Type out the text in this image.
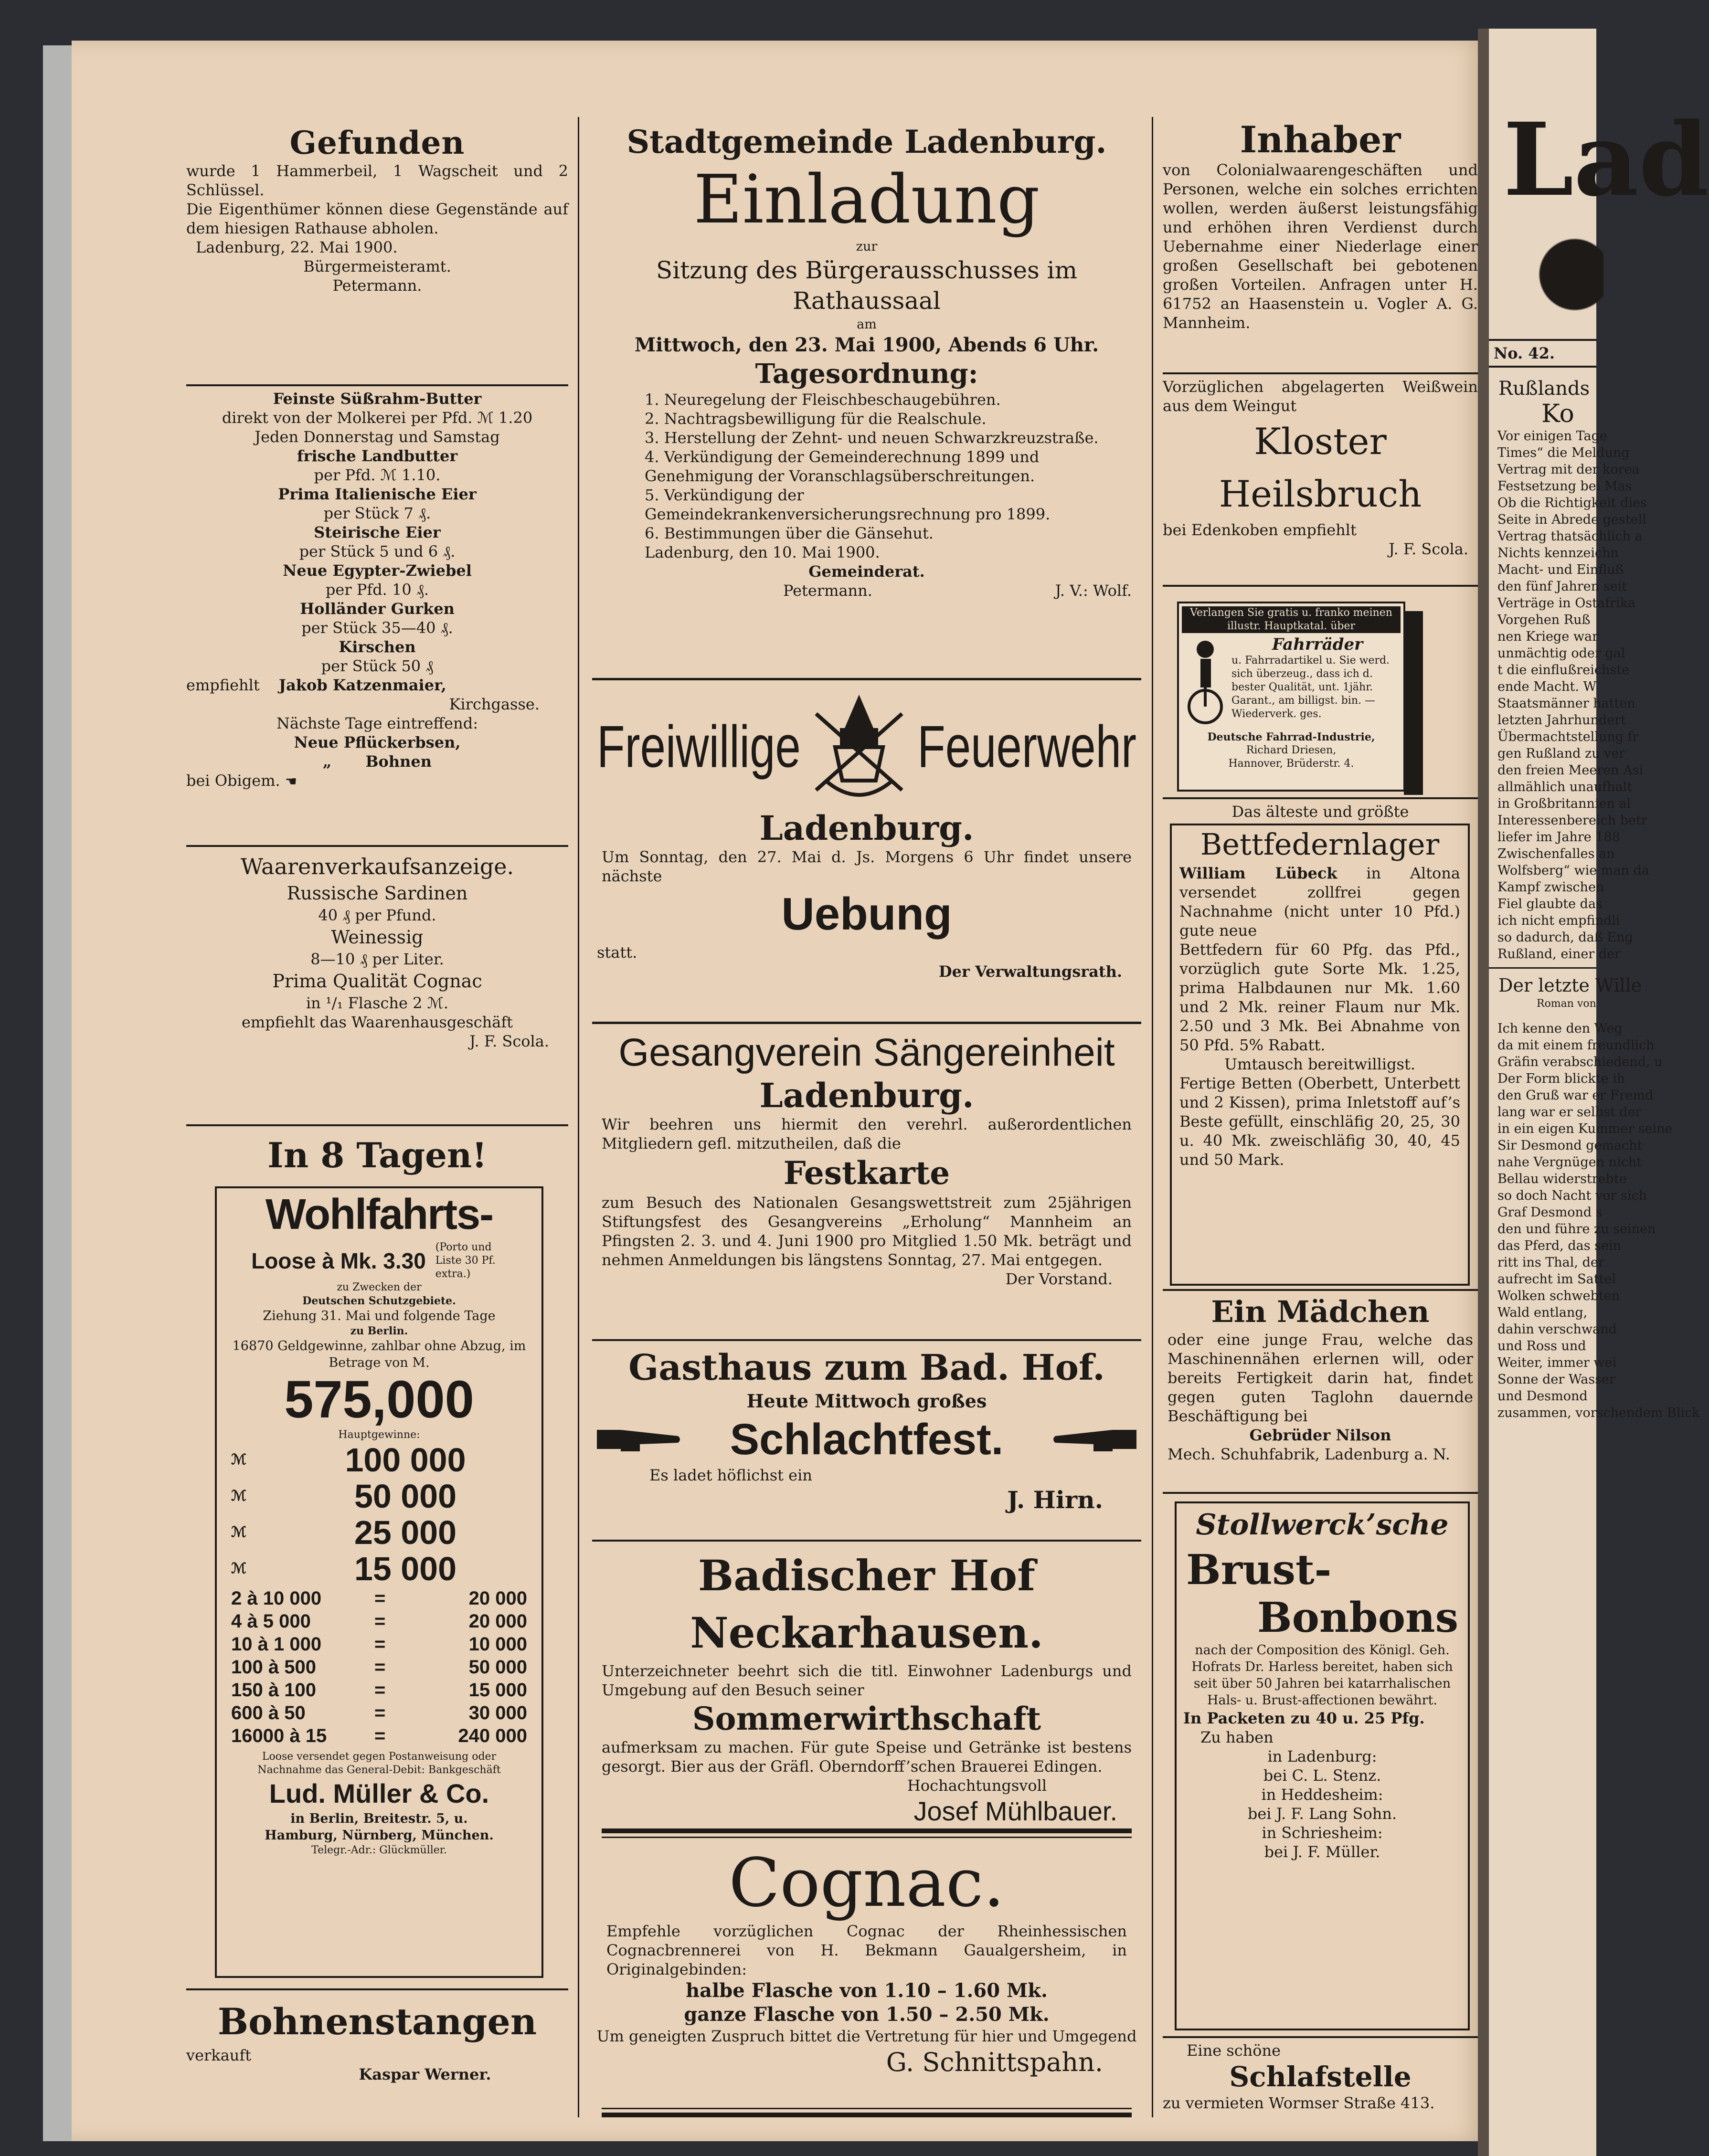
Gefunden
wurde 1 Hammerbeil, 1 Wagscheit und 2 Schlüssel.
Die Eigenthümer können diese Gegenstände auf dem hiesigen Rathause abholen.
Ladenburg, 22. Mai 1900.
Bürgermeisteramt.
Petermann.
Feinste Süßrahm-Butter
direkt von der Molkerei per Pfd. ℳ 1.20
Jeden Donnerstag und Samstag
frische Landbutter
per Pfd. ℳ 1.10.
Prima Italienische Eier
per Stück 7 ₰.
Steirische Eier
per Stück 5 und 6 ₰.
Neue Egypter-Zwiebel
per Pfd. 10 ₰.
Holländer Gurken
per Stück 35—40 ₰.
Kirschen
per Stück 50 ₰
empfiehlt Jakob Katzenmaier,
Kirchgasse.
Nächste Tage eintreffend:
Neue Pflückerbsen,
„ Bohnen
bei Obigem. ☚
Waarenverkaufsanzeige.
Russische Sardinen
40 ₰ per Pfund.
Weinessig
8—10 ₰ per Liter.
Prima Qualität Cognac
in ¹/₁ Flasche 2 ℳ.
empfiehlt das Waarenhausgeschäft
J. F. Scola.
In 8 Tagen!
Wohlfahrts-
Loose à Mk. 3.30
(Porto und Liste 30 Pf. extra.)
zu Zwecken der
Deutschen Schutzgebiete.
Ziehung 31. Mai und folgende Tage
zu Berlin.
16870 Geldgewinne, zahlbar ohne Abzug, im Betrage von M.
575,000
Hauptgewinne:
ℳ	100 000
ℳ	50 000
ℳ	25 000
ℳ	15 000
2 à 10 000	=	20 000
4 à 5 000	=	20 000
10 à 1 000	=	10 000
100 à 500	=	50 000
150 à 100	=	15 000
600 à 50	=	30 000
16000 à 15	=	240 000
Loose versendet gegen Postanweisung oder Nachnahme das General-Debit: Bankgeschäft
Lud. Müller & Co.
in Berlin, Breitestr. 5, u.
Hamburg, Nürnberg, München.
Telegr.-Adr.: Glückmüller.
Bohnenstangen
verkauft
Kaspar Werner.
Stadtgemeinde Ladenburg.
Einladung
zur
Sitzung des Bürgerausschusses im Rathaussaal
am
Mittwoch, den 23. Mai 1900, Abends 6 Uhr.
Tagesordnung:
1. Neuregelung der Fleischbeschaugebühren.
2. Nachtragsbewilligung für die Realschule.
3. Herstellung der Zehnt- und neuen Schwarzkreuzstraße.
4. Verkündigung der Gemeinderechnung 1899 und Genehmigung der Voranschlagsüberschreitungen.
5. Verkündigung der Gemeindekrankenversicherungsrechnung pro 1899.
6. Bestimmungen über die Gänsehut.
Ladenburg, den 10. Mai 1900.
Gemeinderat.
Petermann.	J. V.: Wolf.
Freiwillige	Feuerwehr
Ladenburg.
Um Sonntag, den 27. Mai d. Js. Morgens 6 Uhr findet unsere nächste
Uebung
statt.
Der Verwaltungsrath.
Gesangverein Sängereinheit
Ladenburg.
Wir beehren uns hiermit den verehrl. außerordentlichen Mitgliedern gefl. mitzutheilen, daß die
Festkarte
zum Besuch des Nationalen Gesangswettstreit zum 25jährigen Stiftungsfest des Gesangvereins „Erholung“ Mannheim an Pfingsten 2. 3. und 4. Juni 1900 pro Mitglied 1.50 Mk. beträgt und nehmen Anmeldungen bis längstens Sonntag, 27. Mai entgegen.
Der Vorstand.
Gasthaus zum Bad. Hof.
Heute Mittwoch großes
Schlachtfest.
Es ladet höflichst ein
J. Hirn.
Badischer Hof Neckarhausen.
Unterzeichneter beehrt sich die titl. Einwohner Ladenburgs und Umgebung auf den Besuch seiner
Sommerwirthschaft
aufmerksam zu machen. Für gute Speise und Getränke ist bestens gesorgt. Bier aus der Gräfl. Oberndorff’schen Brauerei Edingen.
Hochachtungsvoll
Josef Mühlbauer.
Cognac.
Empfehle vorzüglichen Cognac der Rheinhessischen Cognacbrennerei von H. Bekmann Gaualgersheim, in Originalgebinden:
halbe Flasche von 1.10 – 1.60 Mk.
ganze Flasche von 1.50 – 2.50 Mk.
Um geneigten Zuspruch bittet die Vertretung für hier und Umgegend
G. Schnittspahn.
Inhaber
von Colonialwaarengeschäften und Personen, welche ein solches errichten wollen, werden äußerst leistungsfähig und erhöhen ihren Verdienst durch Uebernahme einer Niederlage einer großen Gesellschaft bei gebotenen großen Vorteilen. Anfragen unter H. 61752 an Haasenstein u. Vogler A. G. Mannheim.
Vorzüglichen abgelagerten Weißwein aus dem Weingut
Kloster Heilsbruch
bei Edenkoben empfiehlt
J. F. Scola.
Verlangen Sie gratis u. franko meinen illustr. Hauptkatal. über
Fahrräder
u. Fahrradartikel u. Sie werd. sich überzeug., dass ich d. bester Qualität, unt. 1jähr. Garant., am billigst. bin. — Wiederverk. ges.
Deutsche Fahrrad-Industrie,
Richard Driesen,
Hannover, Brüderstr. 4.
Das älteste und größte
Bettfedernlager
William Lübeck in Altona versendet zollfrei gegen Nachnahme (nicht unter 10 Pfd.) gute neue
Bettfedern für 60 Pfg. das Pfd., vorzüglich gute Sorte Mk. 1.25, prima Halbdaunen nur Mk. 1.60 und 2 Mk. reiner Flaum nur Mk. 2.50 und 3 Mk. Bei Abnahme von 50 Pfd. 5% Rabatt.
Umtausch bereitwilligst.
Fertige Betten (Oberbett, Unterbett und 2 Kissen), prima Inletstoff auf’s Beste gefüllt, einschläfig 20, 25, 30 u. 40 Mk. zweischläfig 30, 40, 45 und 50 Mark.
Ein Mädchen
oder eine junge Frau, welche das Maschinennähen erlernen will, oder bereits Fertigkeit darin hat, findet gegen guten Taglohn dauernde Beschäftigung bei
Gebrüder Nilson
Mech. Schuhfabrik, Ladenburg a. N.
Stollwerck’sche
Brust-
Bonbons
nach der Composition des Königl. Geh. Hofrats Dr. Harless bereitet, haben sich seit über 50 Jahren bei katarrhalischen Hals- u. Brust-affectionen bewährt.
In Packeten zu 40 u. 25 Pfg.
Zu haben
in Ladenburg:
bei C. L. Stenz.
in Heddesheim:
bei J. F. Lang Sohn.
in Schriesheim:
bei J. F. Müller.
Eine schöne
Schlafstelle
zu vermieten Wormser Straße 413.
Lad
No. 42.
Rußlands
Ko
Vor einigen Tage
Times“ die Meldung
Vertrag mit der korea
Festsetzung bei Mas
Ob die Richtigkeit dies
Seite in Abrede gestell
Vertrag thatsächlich a
Nichts kennzeichn
Macht- und Einfluß
den fünf Jahren seit
Verträge in Ostafrika
Vorgehen Ruß
nen Kriege war
unmächtig oder gal
t die einflußreichste
ende Macht. W
Staatsmänner hatten
letzten Jahrhundert
Übermachtstellung fr
gen Rußland zu ver
den freien Meeren Asi
allmählich unaufhalt
in Großbritannien al
Interessenbereich betr
liefer im Jahre 188
Zwischenfalles an
Wolfsberg“ wie man da
Kampf zwischen
Fiel glaubte das
ich nicht empfindli
so dadurch, daß Eng
Rußland, einer der
Der letzte Wille
Roman von
Ich kenne den Weg
da mit einem freundlich
Gräfin verabschiedend, u
Der Form blickte ih
den Gruß war er Fremd
lang war er selbst der
in ein eigen Kummer seine
Sir Desmond gemacht
nahe Vergnügen nicht
Bellau widerstrebte
so doch Nacht vor sich
Graf Desmond s
den und führe zu seinen
das Pferd, das sein
ritt ins Thal, der
aufrecht im Sattel
Wolken schwebten
Wald entlang,
dahin verschwand
und Ross und
Weiter, immer wei
Sonne der Wasser
und Desmond
zusammen, vorschendem Blick
